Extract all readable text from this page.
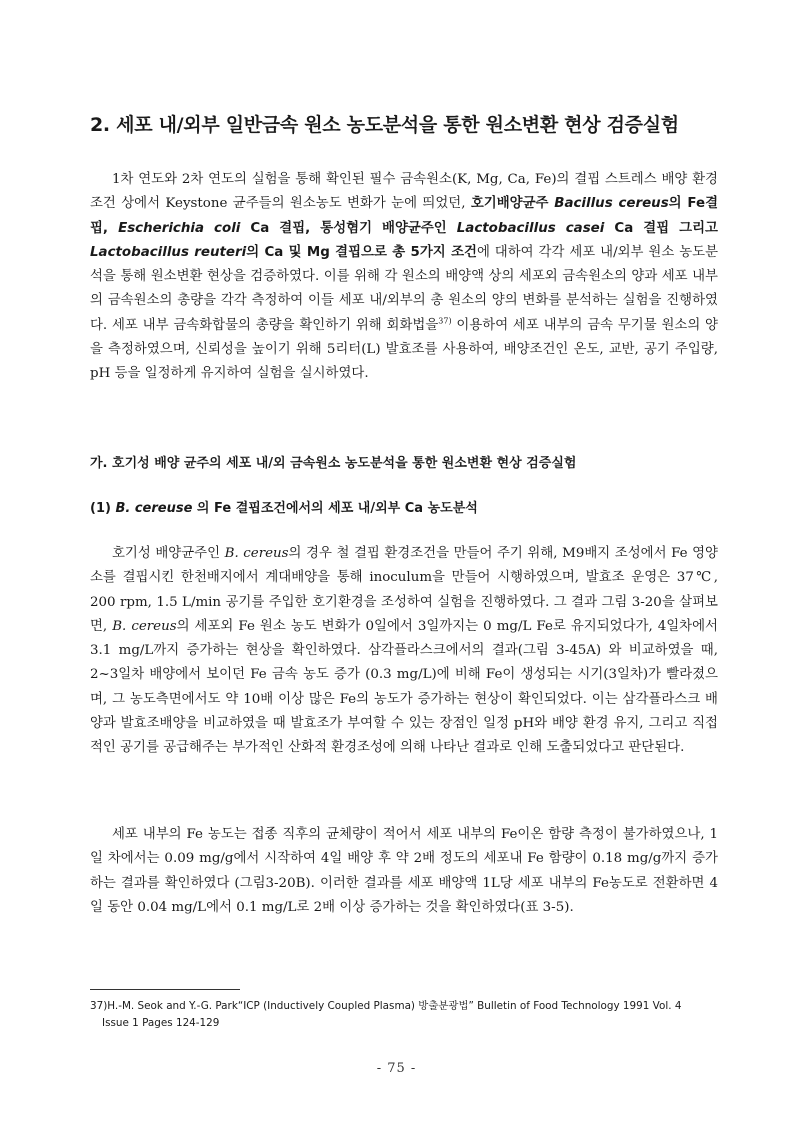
2. 세포 내/외부 일반금속 원소 농도분석을 통한 원소변환 현상 검증실험

1차 연도와 2차 연도의 실험을 통해 확인된 필수 금속원소(K, Mg, Ca, Fe)의 결핍 스트레스 배양 환경조건 상에서 Keystone 균주들의 원소농도 변화가 눈에 띄었던, 호기배양균주 Bacillus cereus의 Fe결핍, Escherichia coli Ca 결핍, 통성혐기 배양균주인 Lactobacillus casei Ca 결핍 그리고 Lactobacillus reuteri의 Ca 및 Mg 결핍으로 총 5가지 조건에 대하여 각각 세포 내/외부 원소 농도분석을 통해 원소변환 현상을 검증하였다. 이를 위해 각 원소의 배양액 상의 세포외 금속원소의 양과 세포 내부의 금속원소의 총량을 각각 측정하여 이들 세포 내/외부의 총 원소의 양의 변화를 분석하는 실험을 진행하였다. 세포 내부 금속화합물의 총량을 확인하기 위해 회화법을$^{37)}$ 이용하여 세포 내부의 금속 무기물 원소의 양을 측정하였으며, 신뢰성을 높이기 위해 5리터(L) 발효조를 사용하여, 배양조건인 온도, 교반, 공기 주입량, pH 등을 일정하게 유지하여 실험을 실시하였다.

가. 호기성 배양 균주의 세포 내/외 금속원소 농도분석을 통한 원소변환 현상 검증실험
(1) B. cereuse 의 Fe 결핍조건에서의 세포 내/외부 Ca 농도분석

호기성 배양균주인 B. cereus의 경우 철 결핍 환경조건을 만들어 주기 위해, M9배지 조성에서 Fe 영양소를 결핍시킨 한천배지에서 계대배양을 통해 inoculum을 만들어 시행하였으며, 발효조 운영은 37℃, 200 rpm, 1.5 L/min 공기를 주입한 호기환경을 조성하여 실험을 진행하였다. 그 결과 그림 3-20을 살펴보면, B. cereus의 세포외 Fe 원소 농도 변화가 0일에서 3일까지는 0 mg/L Fe로 유지되었다가, 4일차에서 3.1 mg/L까지 증가하는 현상을 확인하였다. 삼각플라스크에서의 결과(그림 3-45A) 와 비교하였을 때, 2~3일차 배양에서 보이던 Fe 금속 농도 증가 (0.3 mg/L)에 비해 Fe이 생성되는 시기(3일차)가 빨라졌으며, 그 농도측면에서도 약 10배 이상 많은 Fe의 농도가 증가하는 현상이 확인되었다. 이는 삼각플라스크 배양과 발효조배양을 비교하였을 때 발효조가 부여할 수 있는 장점인 일정 pH와 배양 환경 유지, 그리고 직접적인 공기를 공급해주는 부가적인 산화적 환경조성에 의해 나타난 결과로 인해 도출되었다고 판단된다.

세포 내부의 Fe 농도는 접종 직후의 균체량이 적어서 세포 내부의 Fe이온 함량 측정이 불가하였으나, 1일 차에서는 0.09 mg/g에서 시작하여 4일 배양 후 약 2배 정도의 세포내 Fe 함량이 0.18 mg/g까지 증가하는 결과를 확인하였다 (그림3-20B). 이러한 결과를 세포 배양액 1L당 세포 내부의 Fe농도로 전환하면 4일 동안 0.04 mg/L에서 0.1 mg/L로 2배 이상 증가하는 것을 확인하였다(표 3-5).

37)H.-M. Seok and Y.-G. Park“ICP (Inductively Coupled Plasma) 방출분광법” Bulletin of Food Technology 1991 Vol. 4
Issue 1 Pages 124-129

- 75 -
